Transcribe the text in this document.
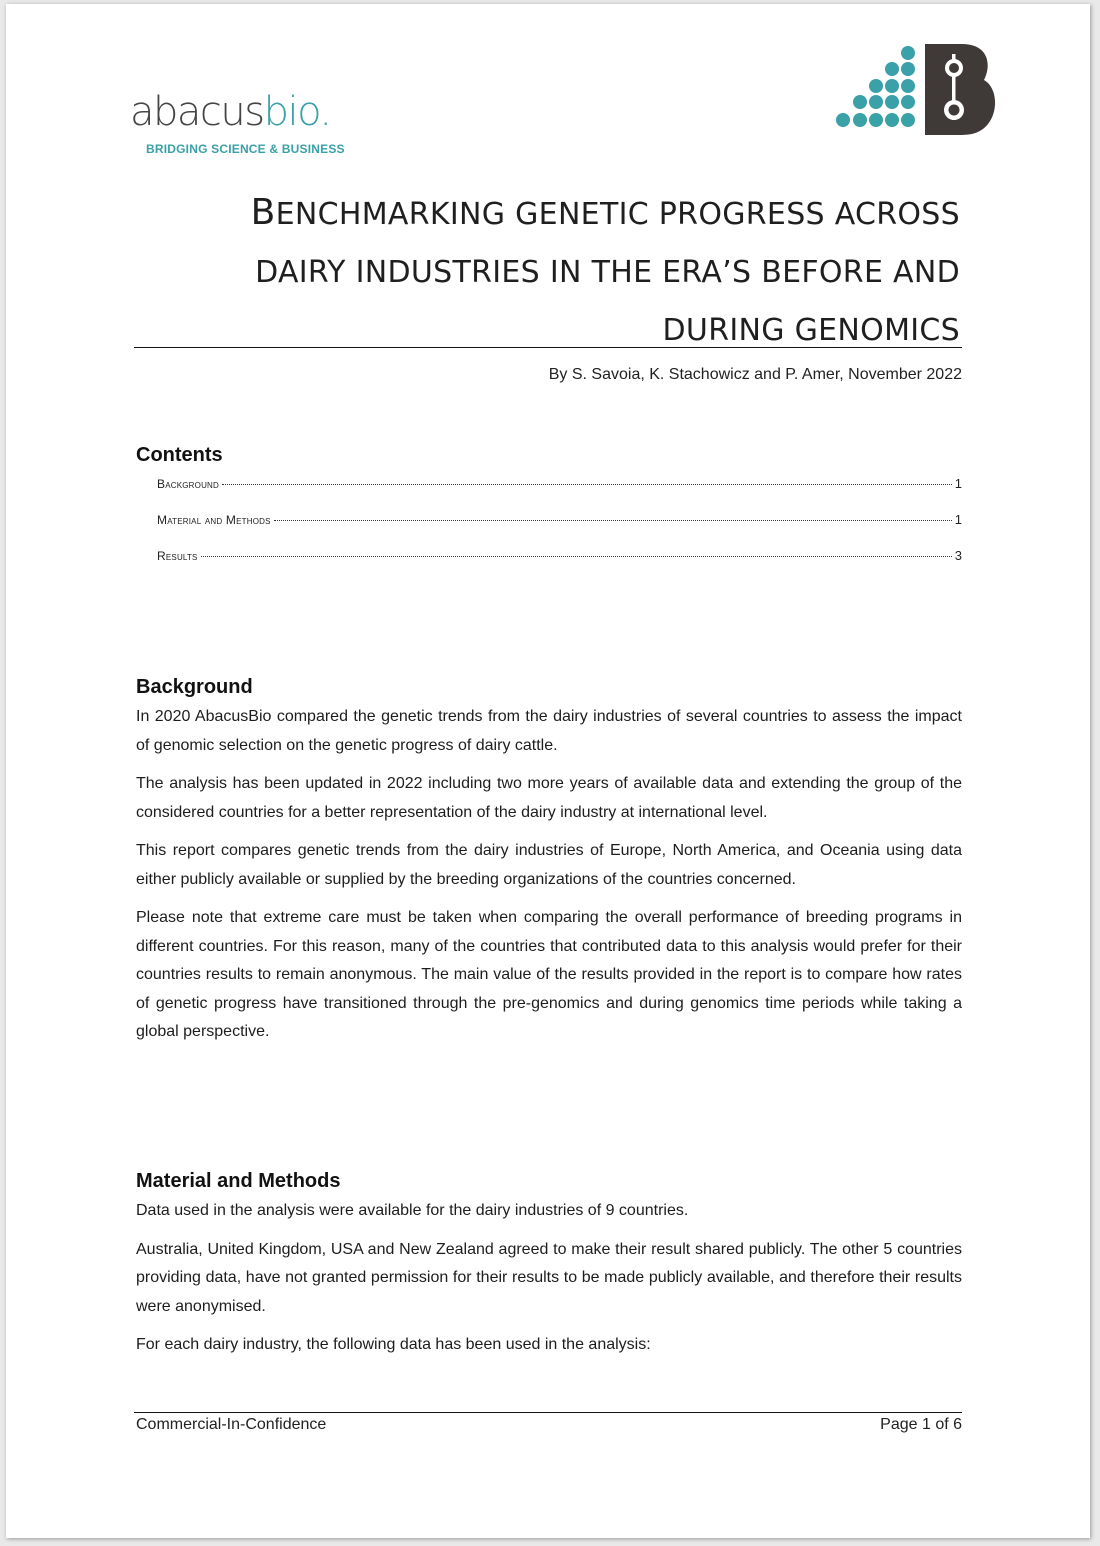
abacusbio.
BRIDGING SCIENCE & BUSINESS
BENCHMARKING GENETIC PROGRESS ACROSS
DAIRY INDUSTRIES IN THE ERA’S BEFORE AND
DURING GENOMICS
By S. Savoia, K. Stachowicz and P. Amer, November 2022
Contents
Background	1
Material and Methods	1
Results	3
Background

In 2020 AbacusBio compared the genetic trends from the dairy industries of several countries to assess the impact of genomic selection on the genetic progress of dairy cattle.

The analysis has been updated in 2022 including two more years of available data and extending the group of the considered countries for a better representation of the dairy industry at international level.

This report compares genetic trends from the dairy industries of Europe, North America, and Oceania using data either publicly available or supplied by the breeding organizations of the countries concerned.

Please note that extreme care must be taken when comparing the overall performance of breeding programs in different countries. For this reason, many of the countries that contributed data to this analysis would prefer for their countries results to remain anonymous. The main value of the results provided in the report is to compare how rates of genetic progress have transitioned through the pre-genomics and during genomics time periods while taking a global perspective.

Material and Methods

Data used in the analysis were available for the dairy industries of 9 countries.

Australia, United Kingdom, USA and New Zealand agreed to make their result shared publicly. The other 5 countries providing data, have not granted permission for their results to be made publicly available, and therefore their results were anonymised.

For each dairy industry, the following data has been used in the analysis:

Commercial-In-Confidence	Page 1 of 6
